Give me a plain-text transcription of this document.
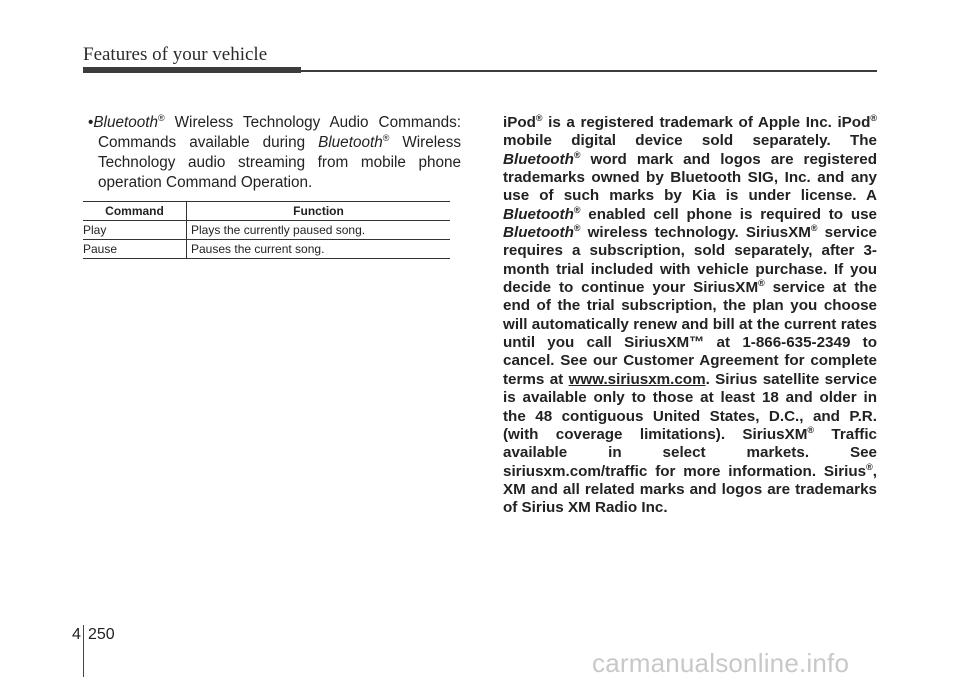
Features of your vehicle
•Bluetooth® Wireless Technology Audio Commands: Commands available during Bluetooth® Wireless Technology audio streaming from mobile phone operation Command Operation.
Command	Function
Play	Plays the currently paused song.
Pause	Pauses the current song.
iPod® is a registered trademark of Apple Inc. iPod® mobile digital device sold separately. The Bluetooth® word mark and logos are registered trademarks owned by Bluetooth SIG, Inc. and any use of such marks by Kia is under license. A Bluetooth® enabled cell phone is required to use Bluetooth® wireless technology. SiriusXM® service requires a subscription, sold separately, after 3-month trial included with vehicle purchase. If you decide to continue your SiriusXM® service at the end of the trial subscription, the plan you choose will automatically renew and bill at the current rates until you call SiriusXM™ at 1-866-635-2349 to cancel. See our Customer Agreement for complete terms at www.siriusxm.com. Sirius satellite service is available only to those at least 18 and older in the 48 contiguous United States, D.C., and P.R. (with coverage limitations). SiriusXM® Traffic available in select markets. See siriusxm.com/traffic for more information. Sirius®, XM and all related marks and logos are trademarks of Sirius XM Radio Inc.
4 250
carmanualsonline.info
